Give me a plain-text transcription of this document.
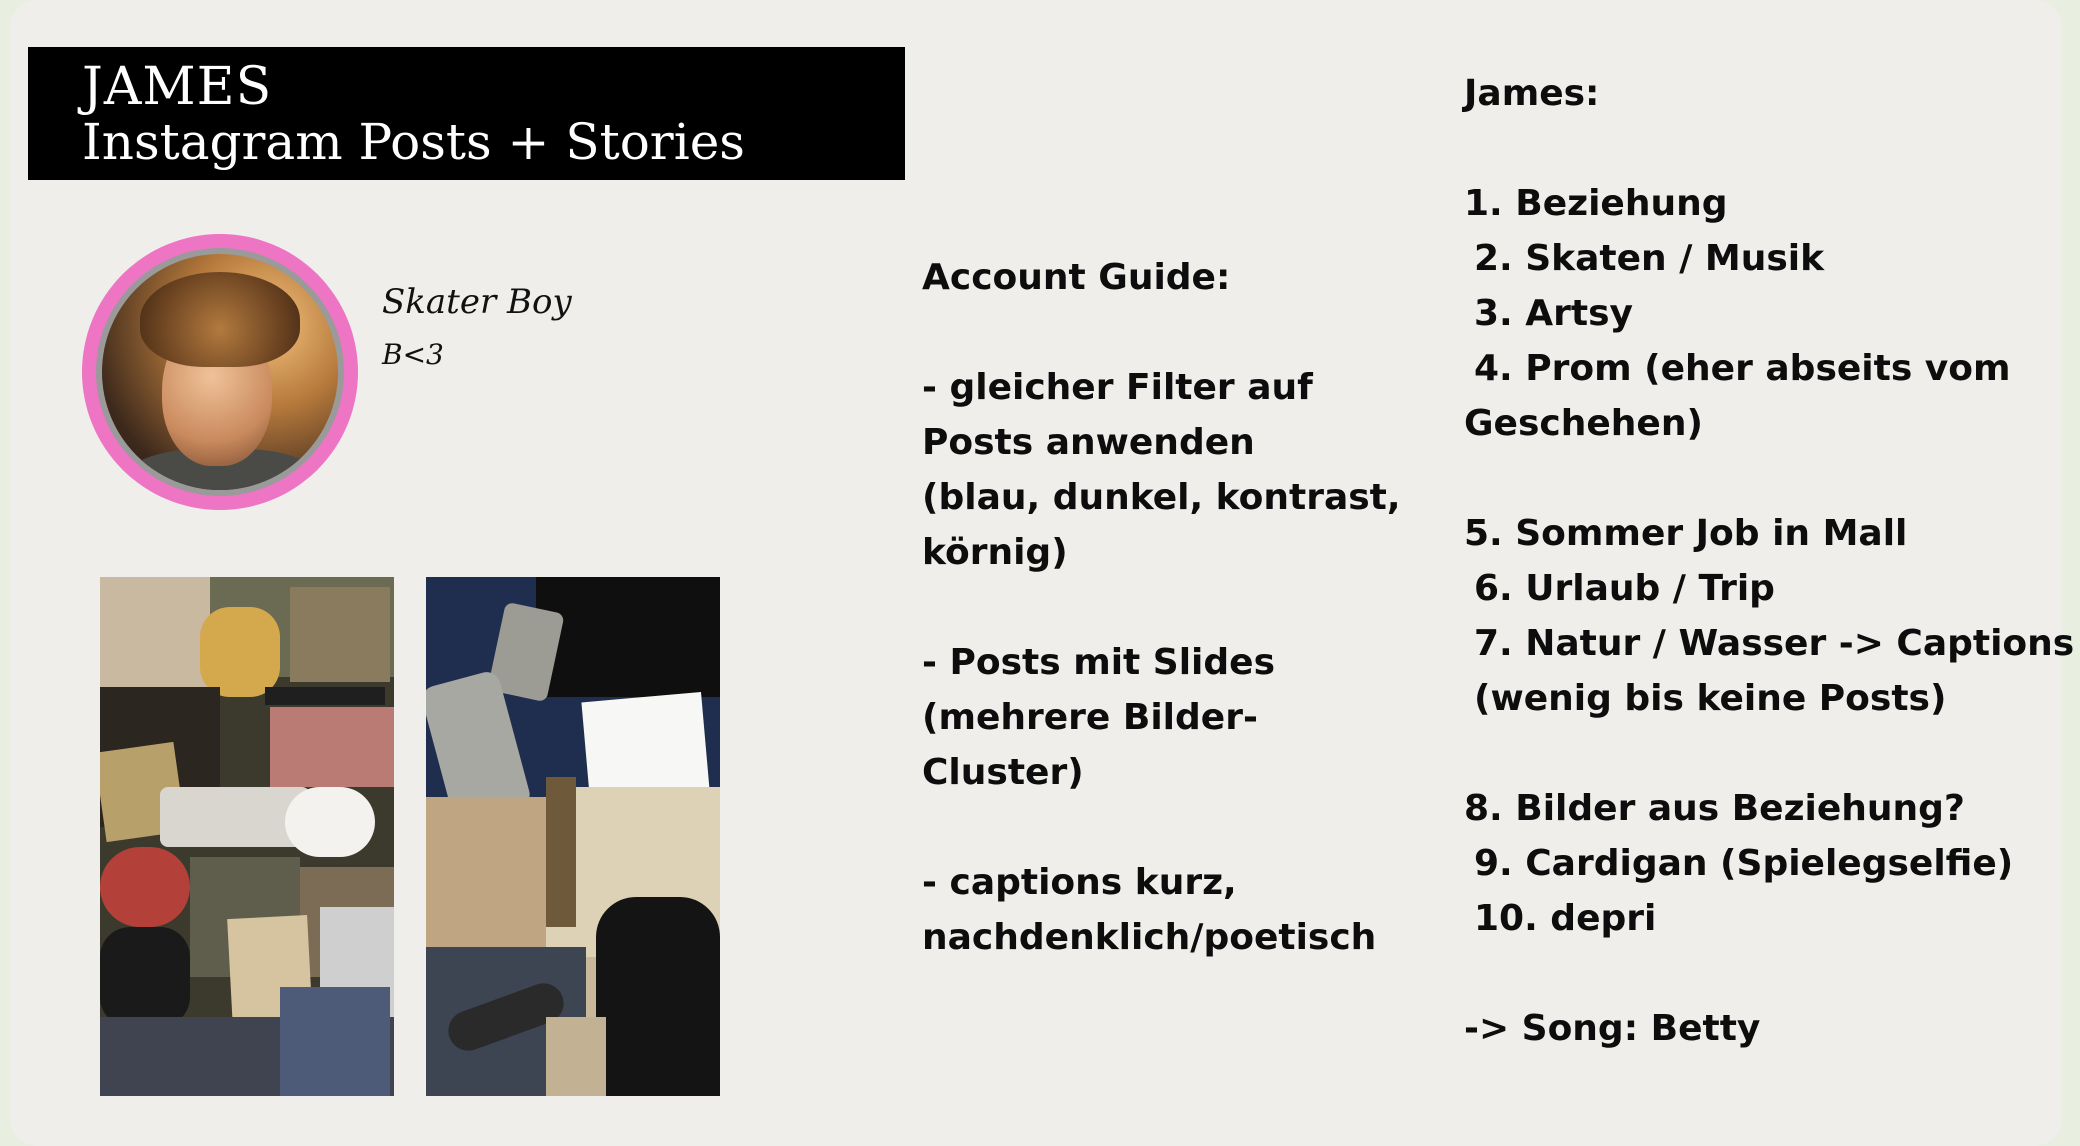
JAMES
Instagram Posts + Stories
Skater Boy
B<3

Account Guide:

- gleicher Filter auf

Posts anwenden

(blau, dunkel, kontrast,

körnig)

- Posts mit Slides

(mehrere Bilder-

Cluster)

- captions kurz,

nachdenklich/poetisch

James:

1. Beziehung

2. Skaten / Musik

3. Artsy

4. Prom (eher abseits vom

Geschehen)

5. Sommer Job in Mall

6. Urlaub / Trip

7. Natur / Wasser -> Captions

(wenig bis keine Posts)

8. Bilder aus Beziehung?

9. Cardigan (Spielegselfie)

10. depri

-> Song: Betty
